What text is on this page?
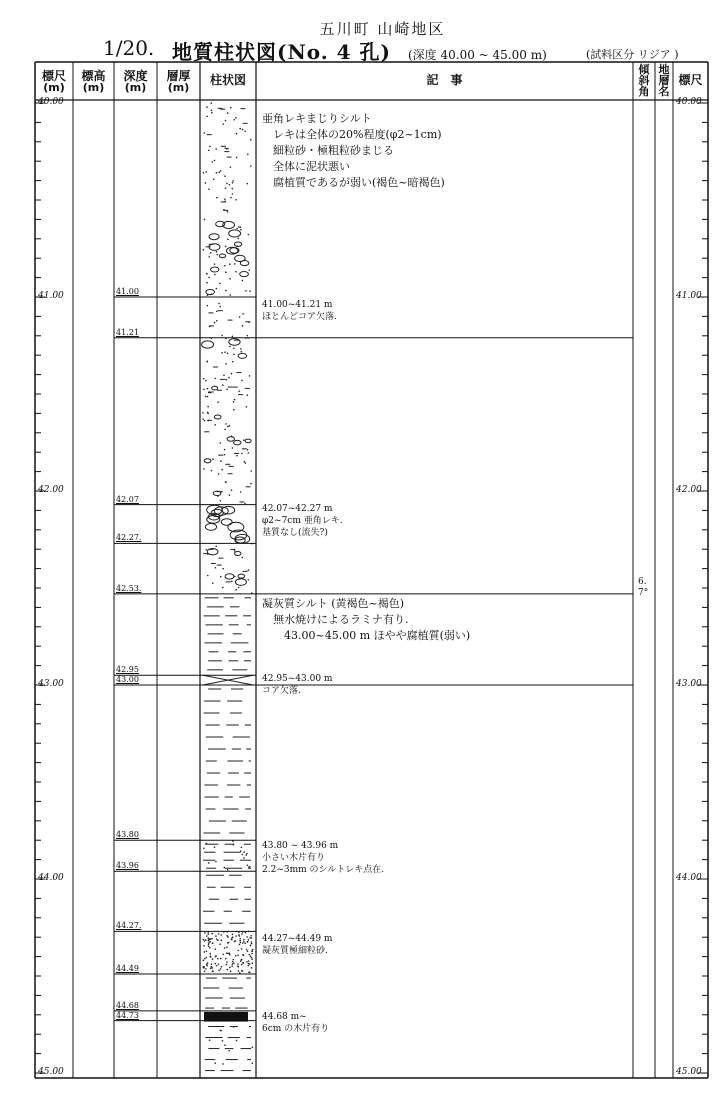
五川町 山崎地区
1/20. 地質柱状図(No. 4 孔) (深度 40.00 ~ 45.00 m)	(試料区分 リジア )
標尺
(m)
標高
(m)
深度
(m)
層厚
(m)
柱状図	記　事
傾
斜
角
地
層
名
標尺
40.00
41.00
42.00
43.00
44.00
45.00
40.00
41.00
42.00
43.00
44.00
45.00
41.00
41.21
42.07
42.27.
42.53.
42.95
43.00
43.80
43.96
44.27.
44.49
44.68
44.73
6.
7°
亜角レキまじりシルト
　レキは全体の20%程度(φ2~1cm)
　細粒砂・極粗粒砂まじる
　全体に泥状悪い
　腐植質であるが弱い(褐色~暗褐色)
41.00~41.21 m
ほとんどコア欠落.
42.07~42.27 m
φ2~7cm 亜角レキ.
基質なし(流失?)
凝灰質シルト (黄褐色~褐色)
　無水焼けによるラミナ有り.
　　43.00~45.00 m ほやや腐植質(弱い)
42.95~43.00 m
コア欠落.
43.80 ~ 43.96 m
小さい木片有り
2.2~3mm のシルトレキ点在.
44.27~44.49 m
凝灰質極細粒砂.
44.68 m~
6cm の木片有り
